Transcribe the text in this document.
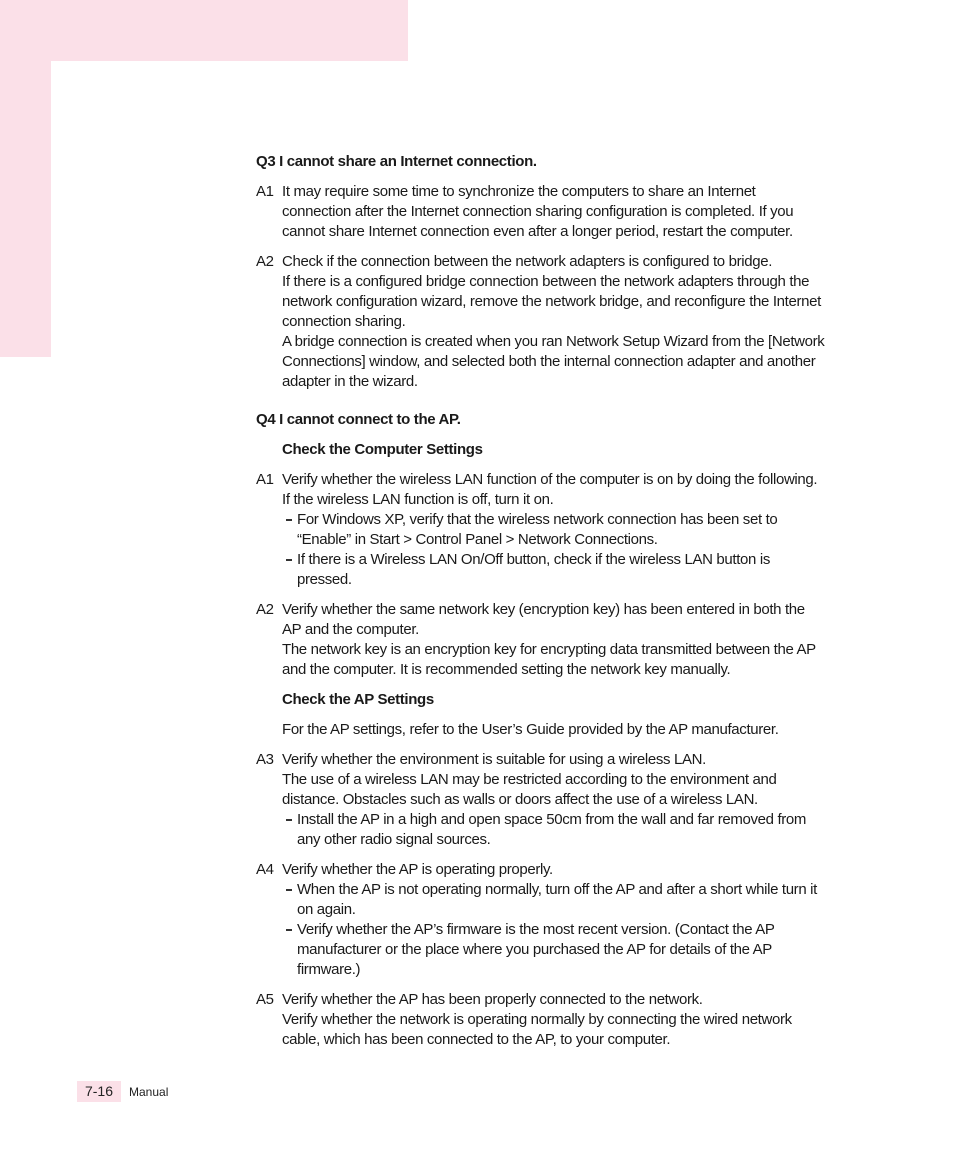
Q3 I cannot share an Internet connection.
A1 It may require some time to synchronize the computers to share an Internet connection after the Internet connection sharing configuration is completed. If you cannot share Internet connection even after a longer period, restart the computer.

A2 Check if the connection between the network adapters is configured to bridge.

If there is a configured bridge connection between the network adapters through the network configuration wizard, remove the network bridge, and reconfigure the Internet connection sharing.

A bridge connection is created when you ran Network Setup Wizard from the [Network Connections] window, and selected both the internal connection adapter and another adapter in the wizard.

Q4 I cannot connect to the AP.
Check the Computer Settings
A1 Verify whether the wireless LAN function of the computer is on by doing the following. If the wireless LAN function is off, turn it on.

For Windows XP, verify that the wireless network connection has been set to “Enable” in Start > Control Panel > Network Connections.
If there is a Wireless LAN On/Off button, check if the wireless LAN button is pressed.
A2 Verify whether the same network key (encryption key) has been entered in both the AP and the computer.

The network key is an encryption key for encrypting data transmitted between the AP and the computer. It is recommended setting the network key manually.

Check the AP Settings
For the AP settings, refer to the User’s Guide provided by the AP manufacturer.
A3 Verify whether the environment is suitable for using a wireless LAN.

The use of a wireless LAN may be restricted according to the environment and distance. Obstacles such as walls or doors affect the use of a wireless LAN.

Install the AP in a high and open space 50cm from the wall and far removed from any other radio signal sources.
A4 Verify whether the AP is operating properly.

When the AP is not operating normally, turn off the AP and after a short while turn it on again.
Verify whether the AP’s firmware is the most recent version. (Contact the AP manufacturer or the place where you purchased the AP for details of the AP firmware.)
A5 Verify whether the AP has been properly connected to the network.

Verify whether the network is operating normally by connecting the wired network cable, which has been connected to the AP, to your computer.

7-16	Manual
